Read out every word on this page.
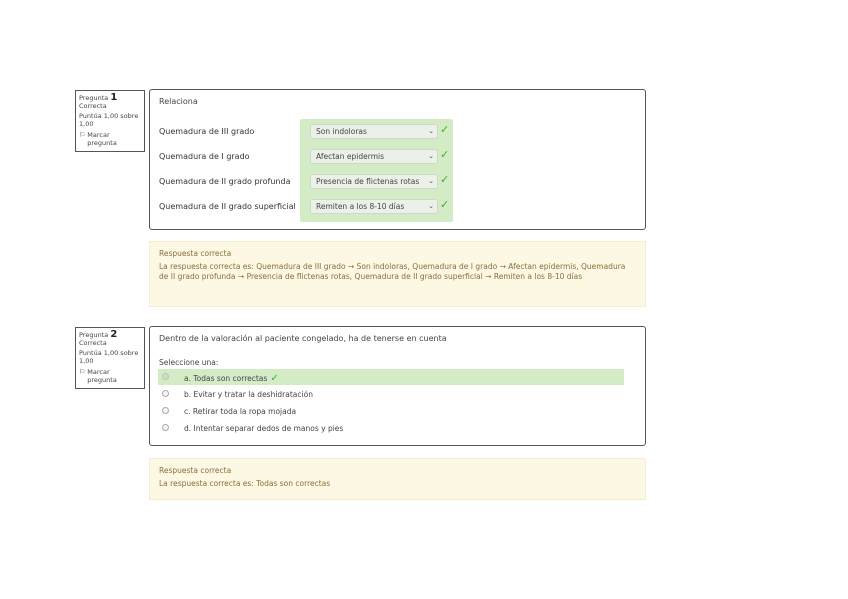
Pregunta 1
Correcta
Puntúa 1,00 sobre 1,00
⚐ Marcar pregunta
Relaciona
Quemadura de III grado	Son indoloras	⌄ ✓
Quemadura de I grado	Afectan epidermis	⌄ ✓
Quemadura de II grado profunda	Presencia de flictenas rotas ⌄ ✓
Quemadura de II grado superficial	Remiten a los 8-10 días	⌄ ✓
Respuesta correcta
La respuesta correcta es: Quemadura de III grado → Son indoloras, Quemadura de I grado → Afectan epidermis, Quemadura de II grado profunda → Presencia de flictenas rotas, Quemadura de II grado superficial → Remiten a los 8-10 días
Pregunta 2
Correcta
Puntúa 1,00 sobre 1,00
⚐ Marcar pregunta
Dentro de la valoración al paciente congelado, ha de tenerse en cuenta
Seleccione una:
a. Todas son correctas ✓
b. Evitar y tratar la deshidratación
c. Retirar toda la ropa mojada
d. Intentar separar dedos de manos y pies
Respuesta correcta
La respuesta correcta es: Todas son correctas
